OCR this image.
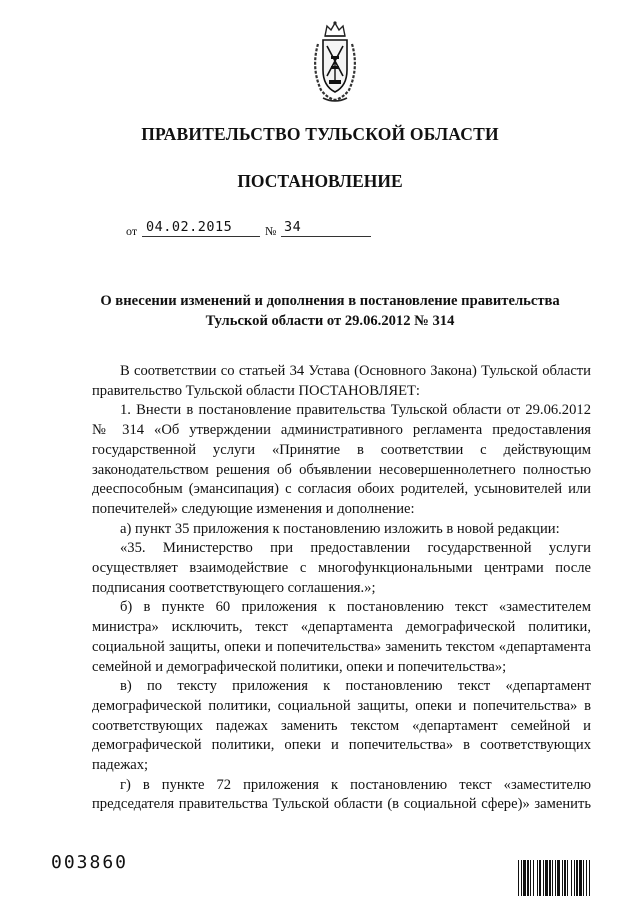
ПРАВИТЕЛЬСТВО ТУЛЬСКОЙ ОБЛАСТИ
ПОСТАНОВЛЕНИЕ
от 04.02.2015	№ 34
О внесении изменений и дополнения в постановление правительства
Тульской области от 29.06.2012 № 314

В соответствии со статьей 34 Устава (Основного Закона) Тульской области правительство Тульской области ПОСТАНОВЛЯЕТ:

1. Внести в постановление правительства Тульской области от 29.06.2012 № 314 «Об утверждении административного регламента предоставления государственной услуги «Принятие в соответствии с действующим законодательством решения об объявлении несовершеннолетнего полностью дееспособным (эмансипация) с согласия обоих родителей, усыновителей или попечителей» следующие изменения и дополнение:

а) пункт 35 приложения к постановлению изложить в новой редакции:

«35. Министерство при предоставлении государственной услуги осуществляет взаимодействие с многофункциональными центрами после подписания соответствующего соглашения.»;

б) в пункте 60 приложения к постановлению текст «заместителем министра» исключить, текст «департамента демографической политики, социальной защиты, опеки и попечительства» заменить текстом «департамента семейной и демографической политики, опеки и попечительства»;

в) по тексту приложения к постановлению текст «департамент демографической политики, социальной защиты, опеки и попечительства» в соответствующих падежах заменить текстом «департамент семейной и демографической политики, опеки и попечительства» в соответствующих падежах;

г) в пункте 72 приложения к постановлению текст «заместителю председателя правительства Тульской области (в социальной сфере)» заменить

003860
